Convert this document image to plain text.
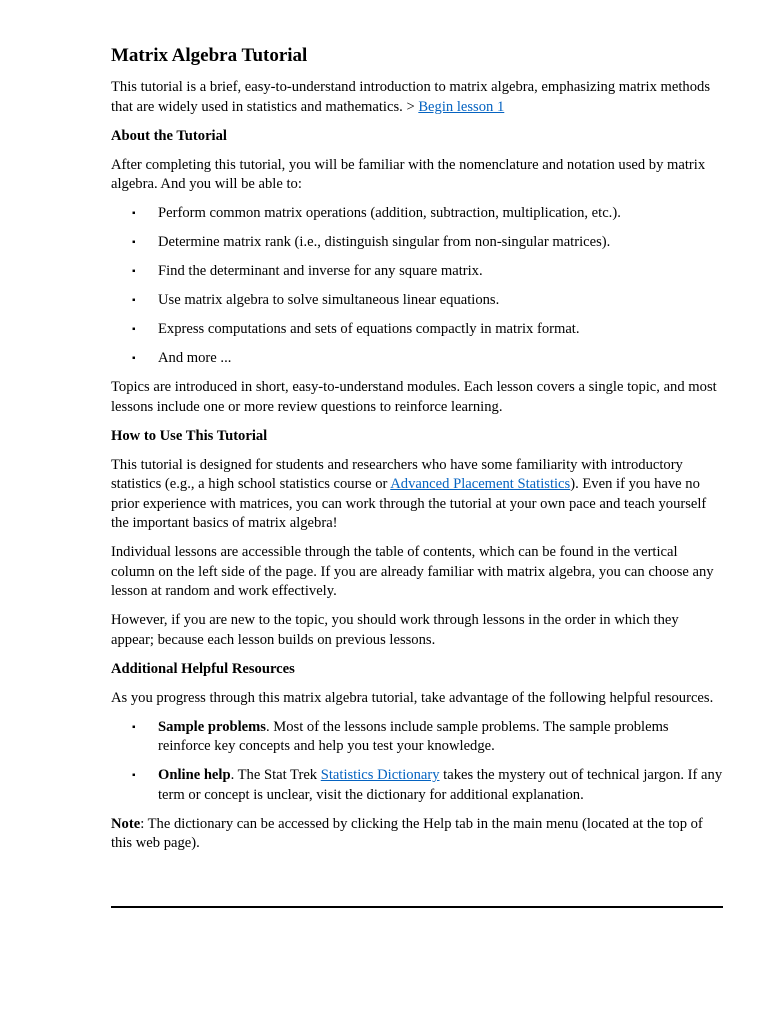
Matrix Algebra Tutorial

This tutorial is a brief, easy-to-understand introduction to matrix algebra, emphasizing matrix methods that are widely used in statistics and mathematics. > Begin lesson 1

About the Tutorial

After completing this tutorial, you will be familiar with the nomenclature and notation used by matrix algebra. And you will be able to:

▪ Perform common matrix operations (addition, subtraction, multiplication, etc.).
▪ Determine matrix rank (i.e., distinguish singular from non-singular matrices).
▪ Find the determinant and inverse for any square matrix.
▪ Use matrix algebra to solve simultaneous linear equations.
▪ Express computations and sets of equations compactly in matrix format.
▪ And more ...

Topics are introduced in short, easy-to-understand modules. Each lesson covers a single topic, and most lessons include one or more review questions to reinforce learning.

How to Use This Tutorial

This tutorial is designed for students and researchers who have some familiarity with introductory statistics (e.g., a high school statistics course or Advanced Placement Statistics). Even if you have no prior experience with matrices, you can work through the tutorial at your own pace and teach yourself the important basics of matrix algebra!

Individual lessons are accessible through the table of contents, which can be found in the vertical column on the left side of the page. If you are already familiar with matrix algebra, you can choose any lesson at random and work effectively.

However, if you are new to the topic, you should work through lessons in the order in which they appear; because each lesson builds on previous lessons.

Additional Helpful Resources

As you progress through this matrix algebra tutorial, take advantage of the following helpful resources.

▪ Sample problems. Most of the lessons include sample problems. The sample problems reinforce key concepts and help you test your knowledge.
▪ Online help. The Stat Trek Statistics Dictionary takes the mystery out of technical jargon. If any term or concept is unclear, visit the dictionary for additional explanation.

Note: The dictionary can be accessed by clicking the Help tab in the main menu (located at the top of this web page).
